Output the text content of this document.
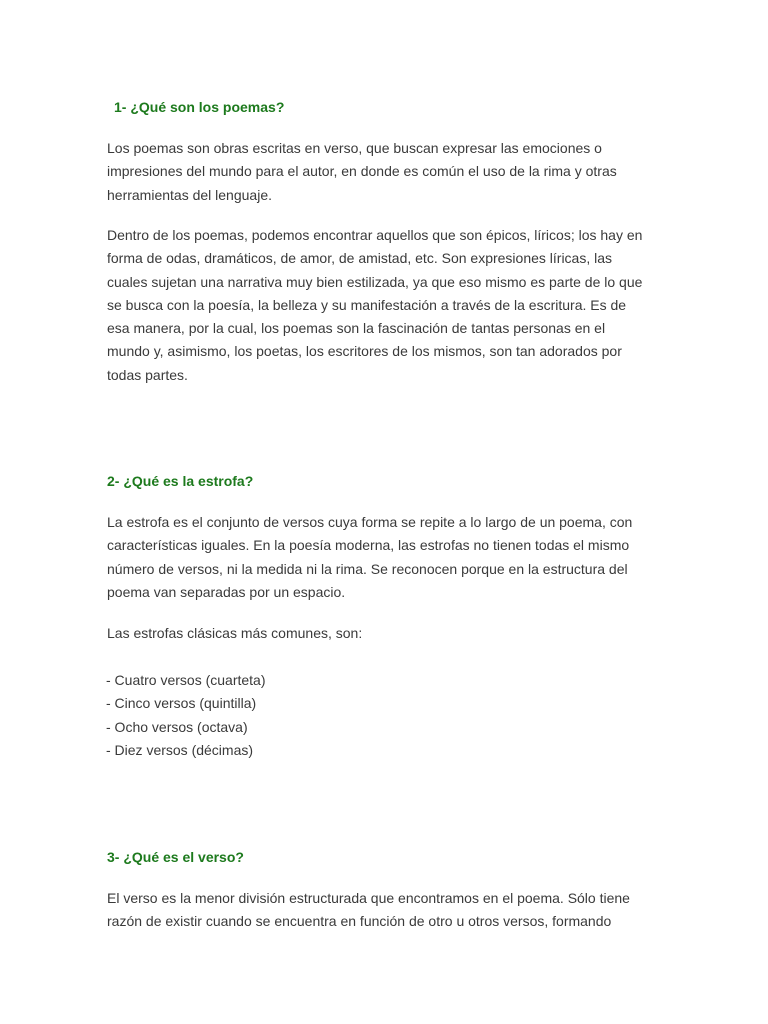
1- ¿Qué son los poemas?

Los poemas son obras escritas en verso, que buscan expresar las emociones o
impresiones del mundo para el autor, en donde es común el uso de la rima y otras
herramientas del lenguaje.

Dentro de los poemas, podemos encontrar aquellos que son épicos, líricos; los hay en
forma de odas, dramáticos, de amor, de amistad, etc. Son expresiones líricas, las
cuales sujetan una narrativa muy bien estilizada, ya que eso mismo es parte de lo que
se busca con la poesía, la belleza y su manifestación a través de la escritura. Es de
esa manera, por la cual, los poemas son la fascinación de tantas personas en el
mundo y, asimismo, los poetas, los escritores de los mismos, son tan adorados por
todas partes.

2- ¿Qué es la estrofa?

La estrofa es el conjunto de versos cuya forma se repite a lo largo de un poema, con
características iguales. En la poesía moderna, las estrofas no tienen todas el mismo
número de versos, ni la medida ni la rima. Se reconocen porque en la estructura del
poema van separadas por un espacio.

Las estrofas clásicas más comunes, son:

- Cuatro versos (cuarteta)
- Cinco versos (quintilla)
- Ocho versos (octava)
- Diez versos (décimas)
3- ¿Qué es el verso?

El verso es la menor división estructurada que encontramos en el poema. Sólo tiene
razón de existir cuando se encuentra en función de otro u otros versos, formando
